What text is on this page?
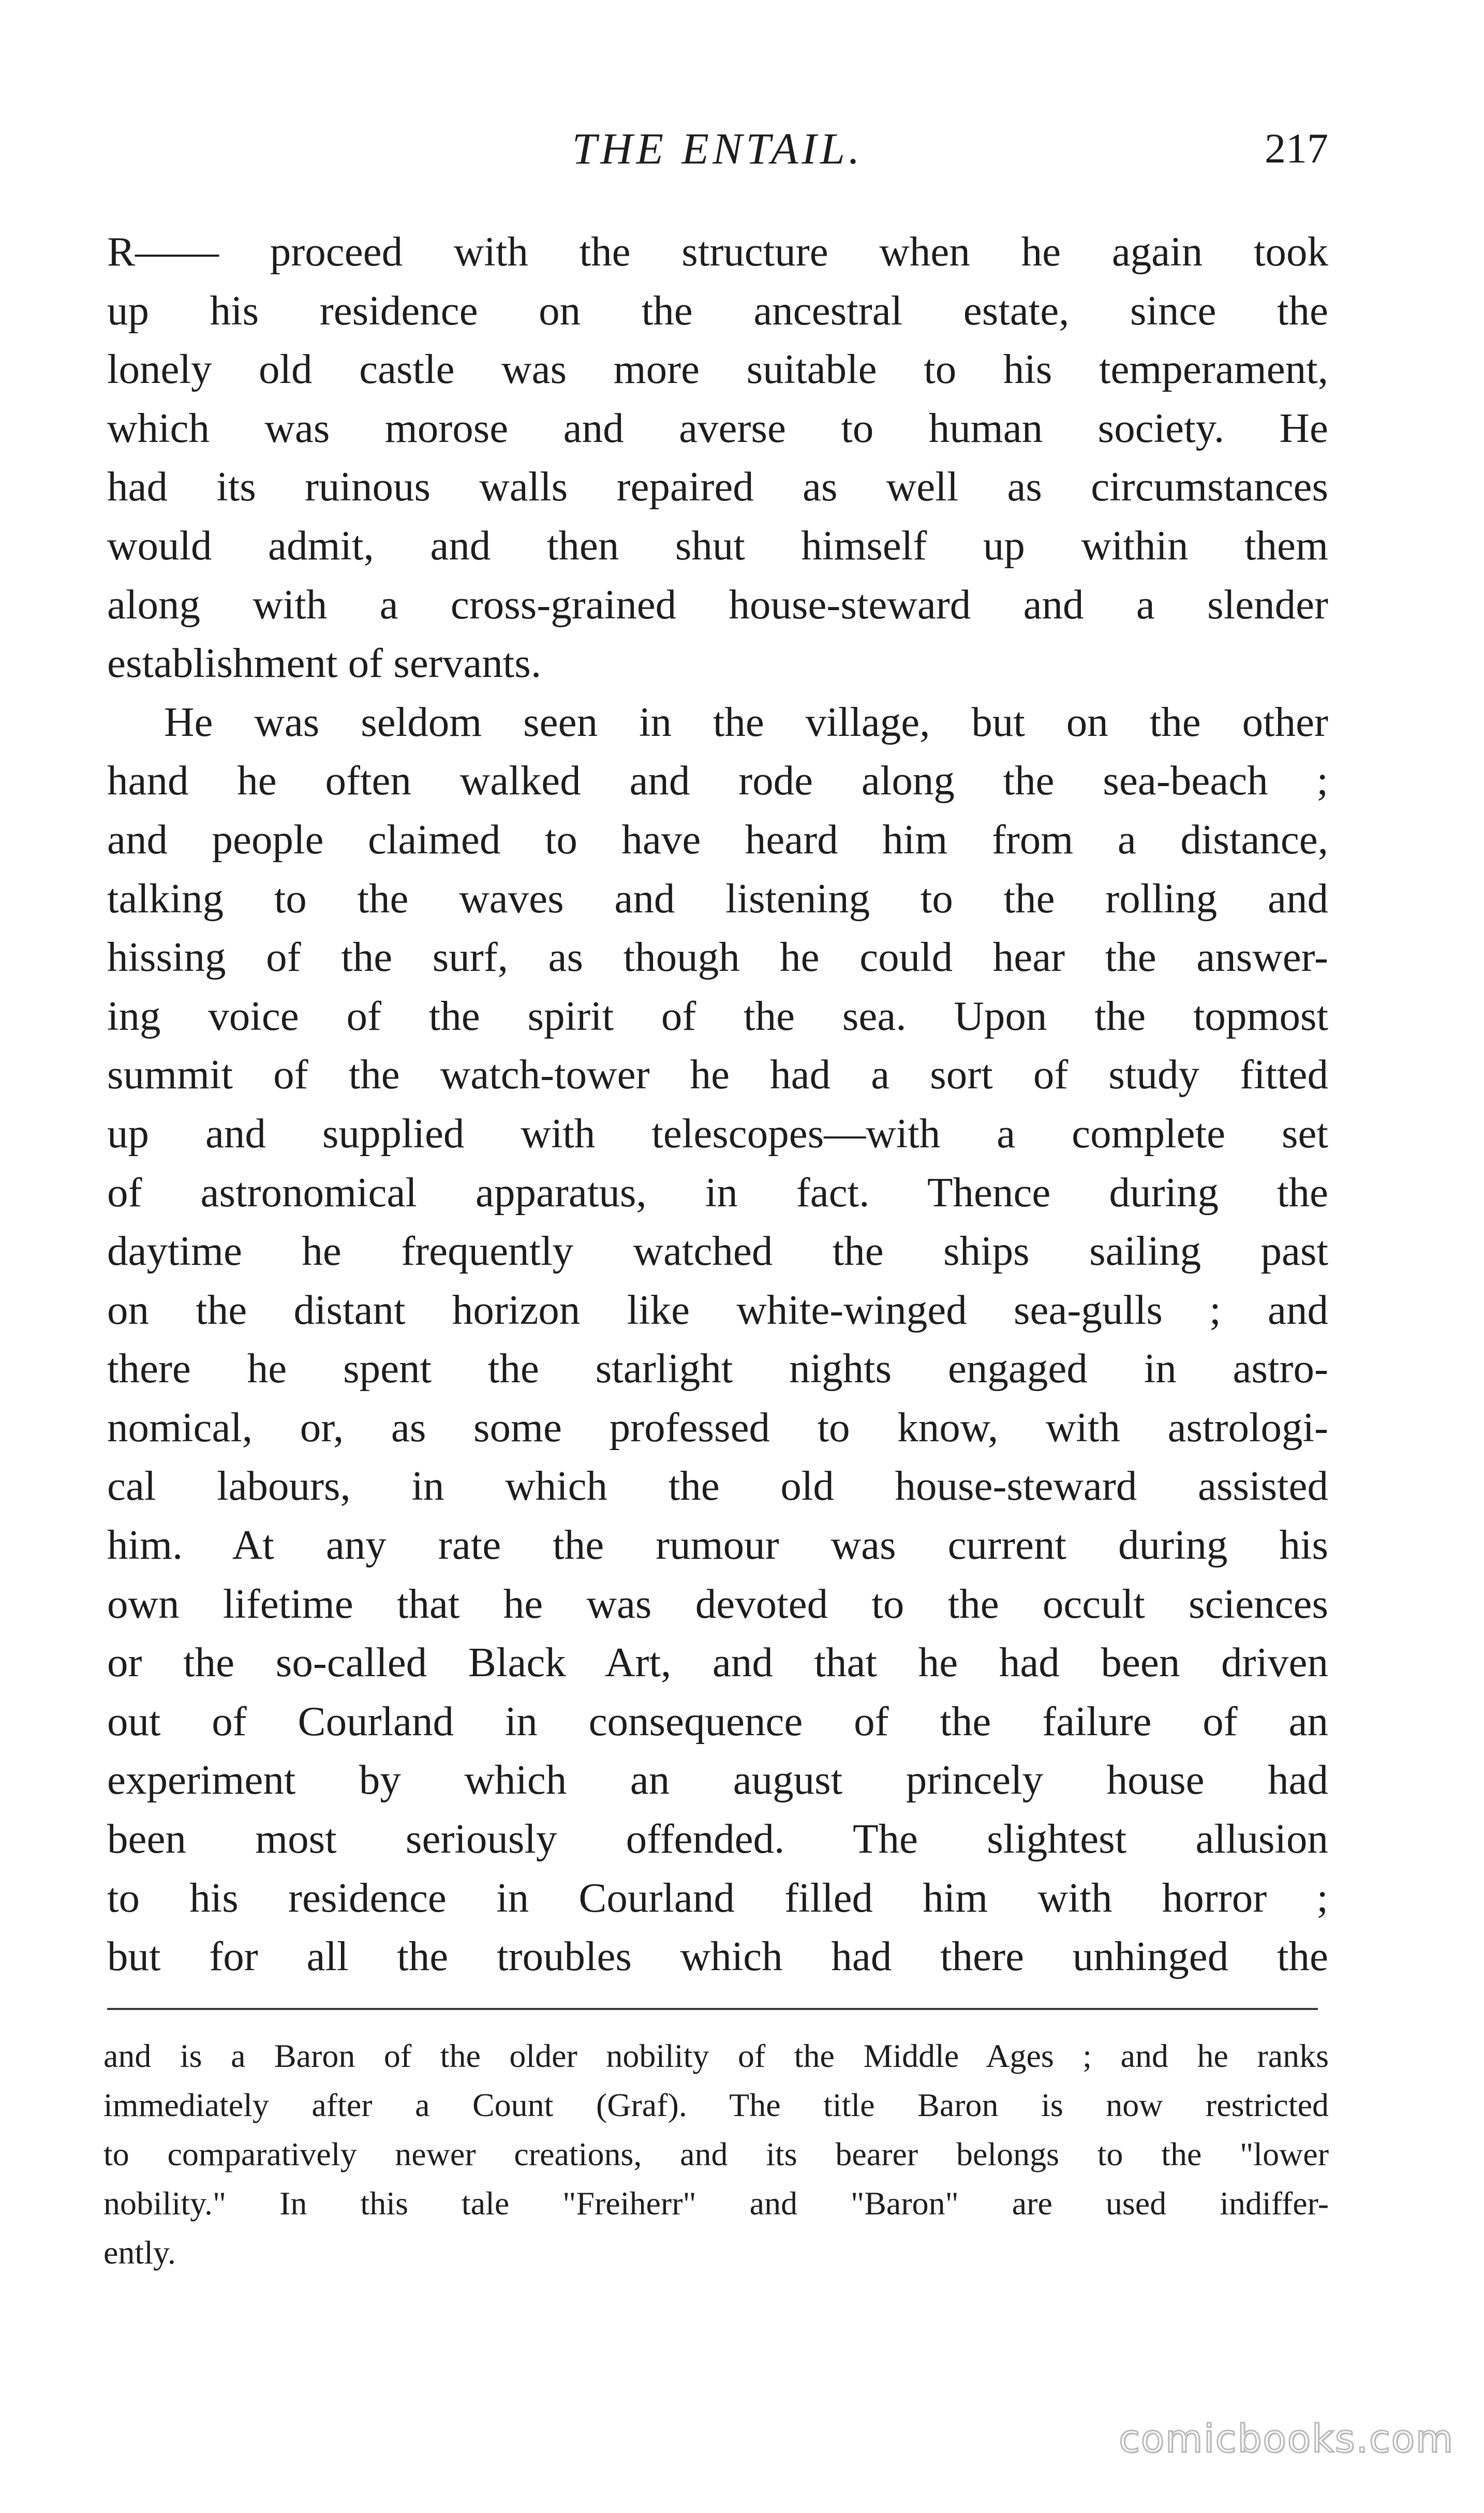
THE ENTAIL.	217
R—— proceed with the structure when he again took
up his residence on the ancestral estate, since the
lonely old castle was more suitable to his temperament,
which was morose and averse to human society. He
had its ruinous walls repaired as well as circumstances
would admit, and then shut himself up within them
along with a cross-grained house-steward and a slender
establishment of servants.
He was seldom seen in the village, but on the other
hand he often walked and rode along the sea-beach ;
and people claimed to have heard him from a distance,
talking to the waves and listening to the rolling and
hissing of the surf, as though he could hear the answer-
ing voice of the spirit of the sea. Upon the topmost
summit of the watch-tower he had a sort of study fitted
up and supplied with telescopes—with a complete set
of astronomical apparatus, in fact. Thence during the
daytime he frequently watched the ships sailing past
on the distant horizon like white-winged sea-gulls ; and
there he spent the starlight nights engaged in astro-
nomical, or, as some professed to know, with astrologi-
cal labours, in which the old house-steward assisted
him. At any rate the rumour was current during his
own lifetime that he was devoted to the occult sciences
or the so-called Black Art, and that he had been driven
out of Courland in consequence of the failure of an
experiment by which an august princely house had
been most seriously offended. The slightest allusion
to his residence in Courland filled him with horror ;
but for all the troubles which had there unhinged the
and is a Baron of the older nobility of the Middle Ages ; and he ranks
immediately after a Count (Graf). The title Baron is now restricted
to comparatively newer creations, and its bearer belongs to the "lower
nobility." In this tale "Freiherr" and "Baron" are used indiffer-
ently.
comicbooks.com
